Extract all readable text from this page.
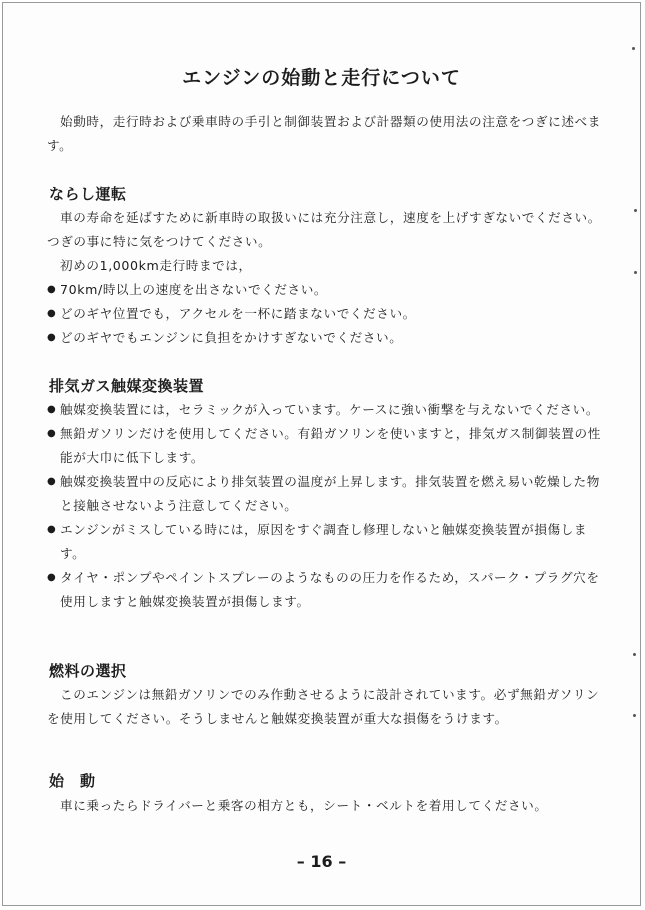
エンジンの始動と走行について

始動時，走行時および乗車時の手引と制御装置および計器類の使用法の注意をつぎに述べます。

ならし運転

車の寿命を延ばすために新車時の取扱いには充分注意し，速度を上げすぎないでください。つぎの事に特に気をつけてください。

初めの1,000km走行時までは，

● 70km/時以上の速度を出さないでください。
● どのギヤ位置でも，アクセルを一杯に踏まないでください。
● どのギヤでもエンジンに負担をかけすぎないでください。
排気ガス触媒変換装置
● 触媒変換装置には，セラミックが入っています。ケースに強い衝撃を与えないでください。
● 無鉛ガソリンだけを使用してください。有鉛ガソリンを使いますと，排気ガス制御装置の性能が大巾に低下します。
● 触媒変換装置中の反応により排気装置の温度が上昇します。排気装置を燃え易い乾燥した物と接触させないよう注意してください。
● エンジンがミスしている時には，原因をすぐ調査し修理しないと触媒変換装置が損傷します。
● タイヤ・ポンプやペイントスプレーのようなものの圧力を作るため，スパーク・プラグ穴を使用しますと触媒変換装置が損傷します。
燃料の選択

このエンジンは無鉛ガソリンでのみ作動させるように設計されています。必ず無鉛ガソリンを使用してください。そうしませんと触媒変換装置が重大な損傷をうけます。

始　動

車に乗ったらドライバーと乗客の相方とも，シート・ベルトを着用してください。

– 16 –
